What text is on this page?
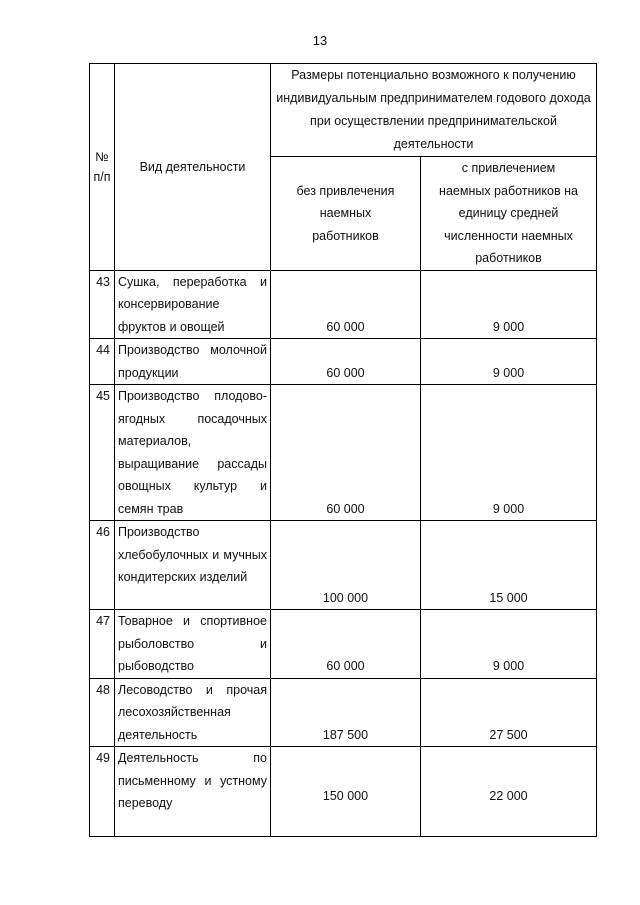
13
№ п/п	Вид деятельности	Размеры потенциально возможного к получению индивидуальным предпринимателем годового дохода при осуществлении предпринимательской деятельности	
		без привлечения наемных работников	с привлечением наемных работников на единицу средней численности наемных работников
43	Сушка, переработка и консервирование фруктов и овощей	60 000	9 000
44	Производство молочной продукции	60 000	9 000
45	Производство плодово-ягодных посадочных материалов, выращивание рассады овощных культур и семян трав	60 000	9 000
46	Производство хлебобулочных и мучных кондитерских изделий	100 000	15 000
47	Товарное и спортивное рыболовство и рыбоводство	60 000	9 000
48	Лесоводство и прочая лесохозяйственная деятельность	187 500	27 500
49	Деятельность по письменному и устному переводу	150 000	22 000
